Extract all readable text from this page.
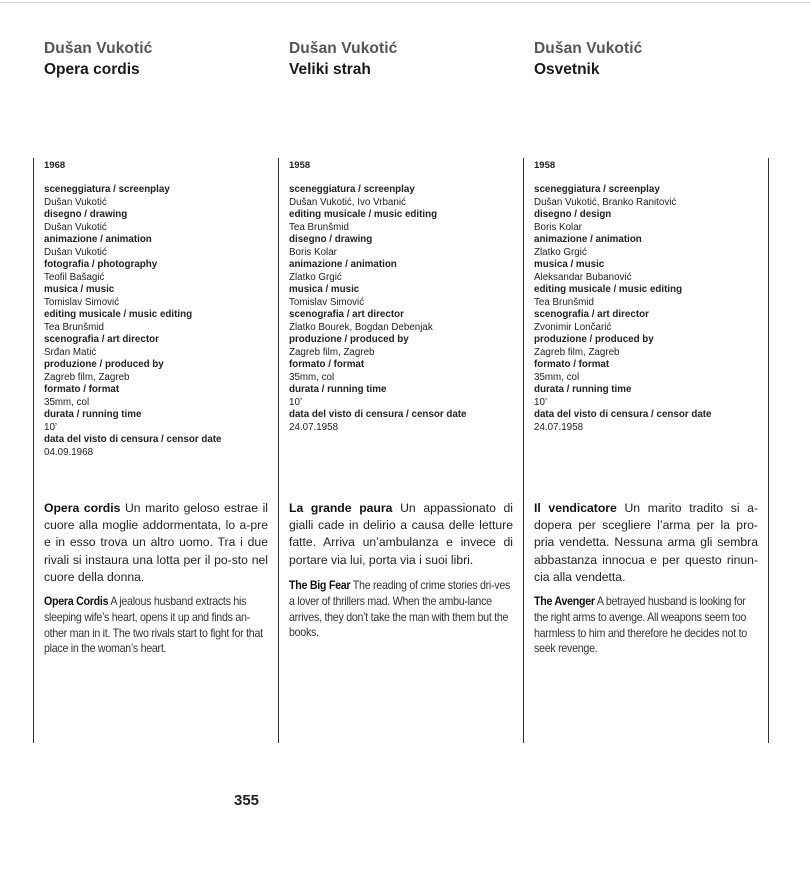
Dušan Vukotić
Opera cordis
1968
sceneggiatura / screenplay
Dušan Vukotić
disegno / drawing
Dušan Vukotić
animazione / animation
Dušan Vukotić
fotografia / photography
Teofil Bašagić
musica / music
Tomislav Simović
editing musicale / music editing
Tea Brunšmid
scenografia / art director
Srđan Matić
produzione / produced by
Zagreb film, Zagreb
formato / format
35mm, col
durata / running time
10’
data del visto di censura / censor date
04.09.1968
Opera cordis Un marito geloso estrae il cuore alla moglie addormentata, lo a-pre e in esso trova un altro uomo. Tra i due rivali si instaura una lotta per il po-sto nel cuore della donna.
Opera Cordis A jealous husband extracts his sleeping wife’s heart, opens it up and finds an-other man in it. The two rivals start to fight for that place in the woman’s heart.
Dušan Vukotić
Veliki strah
1958
sceneggiatura / screenplay
Dušan Vukotić, Ivo Vrbanić
editing musicale / music editing
Tea Brunšmid
disegno / drawing
Boris Kolar
animazione / animation
Zlatko Grgić
musica / music
Tomislav Simović
scenografia / art director
Zlatko Bourek, Bogdan Debenjak
produzione / produced by
Zagreb film, Zagreb
formato / format
35mm, col
durata / running time
10’
data del visto di censura / censor date
24.07.1958
La grande paura Un appassionato di gialli cade in delirio a causa delle letture fatte. Arriva un’ambulanza e invece di portare via lui, porta via i suoi libri.
The Big Fear The reading of crime stories dri-ves a lover of thrillers mad. When the ambu-lance arrives, they don’t take the man with them but the books.
Dušan Vukotić
Osvetnik
1958
sceneggiatura / screenplay
Dušan Vukotić, Branko Ranitović
disegno / design
Boris Kolar
animazione / animation
Zlatko Grgić
musica / music
Aleksandar Bubanović
editing musicale / music editing
Tea Brunšmid
scenografia / art director
Zvonimir Lončarić
produzione / produced by
Zagreb film, Zagreb
formato / format
35mm, col
durata / running time
10’
data del visto di censura / censor date
24.07.1958
Il vendicatore Un marito tradito si a-dopera per scegliere l’arma per la pro-pria vendetta. Nessuna arma gli sembra abbastanza innocua e per questo rinun-cia alla vendetta.
The Avenger A betrayed husband is looking for the right arms to avenge. All weapons seem too harmless to him and therefore he decides not to seek revenge.
355
